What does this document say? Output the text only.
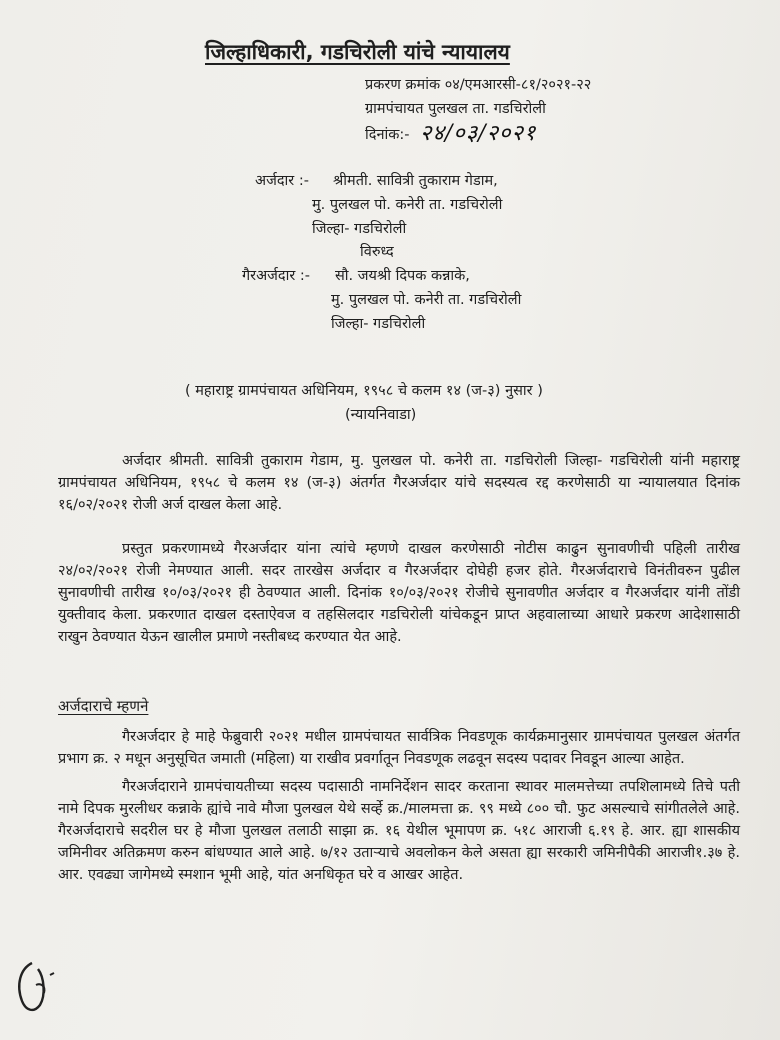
जिल्हाधिकारी, गडचिरोली यांचे न्यायालय
प्रकरण क्रमांक ०४/एमआरसी-८१/२०२१-२२
ग्रामपंचायत पुलखल ता. गडचिरोली
दिनांक:- २४/०३/२०२१
अर्जदार :- श्रीमती. सावित्री तुकाराम गेडाम,
मु. पुलखल पो. कनेरी ता. गडचिरोली
जिल्हा- गडचिरोली
विरुध्द
गैरअर्जदार :- सौ. जयश्री दिपक कन्नाके,
मु. पुलखल पो. कनेरी ता. गडचिरोली
जिल्हा- गडचिरोली
( महाराष्ट्र ग्रामपंचायत अधिनियम, १९५८ चे कलम १४ (ज-३) नुसार )
(न्यायनिवाडा)

अर्जदार श्रीमती. सावित्री तुकाराम गेडाम, मु. पुलखल पो. कनेरी ता. गडचिरोली जिल्हा- गडचिरोली यांनी महाराष्ट्र ग्रामपंचायत अधिनियम, १९५८ चे कलम १४ (ज-३) अंतर्गत गैरअर्जदार यांचे सदस्यत्व रद्द करणेसाठी या न्यायालयात दिनांक १६/०२/२०२१ रोजी अर्ज दाखल केला आहे.

प्रस्तुत प्रकरणामध्ये गैरअर्जदार यांना त्यांचे म्हणणे दाखल करणेसाठी नोटीस काढुन सुनावणीची पहिली तारीख २४/०२/२०२१ रोजी नेमण्यात आली. सदर तारखेस अर्जदार व गैरअर्जदार दोघेही हजर होते. गैरअर्जदाराचे विनंतीवरुन पुढील सुनावणीची तारीख १०/०३/२०२१ ही ठेवण्यात आली. दिनांक १०/०३/२०२१ रोजीचे सुनावणीत अर्जदार व गैरअर्जदार यांनी तोंडी युक्तीवाद केला. प्रकरणात दाखल दस्ताऐवज व तहसिलदार गडचिरोली यांचेकडून प्राप्त अहवालाच्या आधारे प्रकरण आदेशासाठी राखुन ठेवण्यात येऊन खालील प्रमाणे नस्तीबध्द करण्यात येत आहे.

अर्जदाराचे म्हणने

गैरअर्जदार हे माहे फेब्रुवारी २०२१ मधील ग्रामपंचायत सार्वत्रिक निवडणूक कार्यक्रमानुसार ग्रामपंचायत पुलखल अंतर्गत प्रभाग क्र. २ मधून अनुसूचित जमाती (महिला) या राखीव प्रवर्गातून निवडणूक लढवून सदस्य पदावर निवडून आल्या आहेत.

गैरअर्जदाराने ग्रामपंचायतीच्या सदस्य पदासाठी नामनिर्देशन सादर करताना स्थावर मालमत्तेच्या तपशिलामध्ये तिचे पती नामे दिपक मुरलीधर कन्नाके ह्यांचे नावे मौजा पुलखल येथे सर्व्हे क्र./मालमत्ता क्र. ९९ मध्ये ८०० चौ. फुट असल्याचे सांगीतलेले आहे. गैरअर्जदाराचे सदरील घर हे मौजा पुलखल तलाठी साझा क्र. १६ येथील भूमापण क्र. ५१८ आराजी ६.१९ हे. आर. ह्या शासकीय जमिनीवर अतिक्रमण करुन बांधण्यात आले आहे. ७/१२ उताऱ्याचे अवलोकन केले असता ह्या सरकारी जमिनीपैकी आराजी१.३७ हे. आर. एवढ्या जागेमध्ये स्मशान भूमी आहे, यांत अनधिकृत घरे व आखर आहेत.
